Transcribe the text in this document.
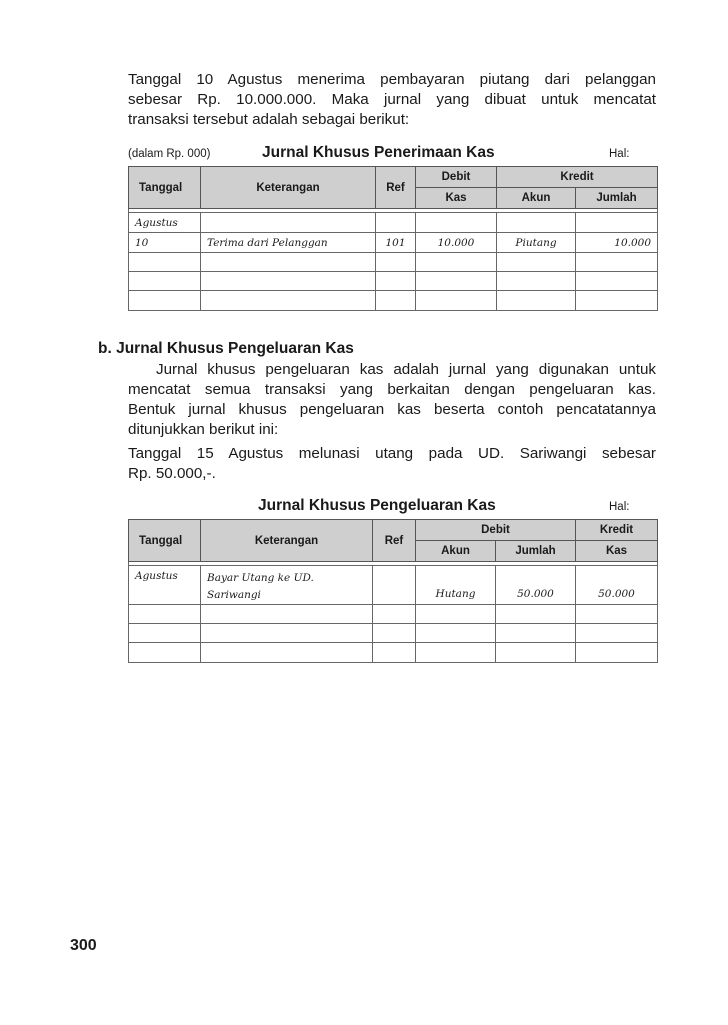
Tanggal 10 Agustus menerima pembayaran piutang dari pelanggan
sebesar Rp. 10.000.000. Maka jurnal yang dibuat untuk mencatat
transaksi tersebut adalah sebagai berikut:
(dalam Rp. 000)	Jurnal Khusus Penerimaan Kas	Hal:
Tanggal	Keterangan	Ref	Debit	Kredit	
			Kas	Akun	Jumlah

Agustus					
10	Terima dari Pelanggan	101	10.000	Piutang	10.000

b. Jurnal Khusus Pengeluaran Kas
Jurnal khusus pengeluaran kas adalah jurnal yang digunakan untuk
mencatat semua transaksi yang berkaitan dengan pengeluaran kas.
Bentuk jurnal khusus pengeluaran kas beserta contoh pencatatannya
ditunjukkan berikut ini:
Tanggal 15 Agustus melunasi utang pada UD. Sariwangi sebesar
Rp. 50.000,-.
Jurnal Khusus Pengeluaran Kas	Hal:
Tanggal	Keterangan	Ref	Debit		Kredit
			Akun	Jumlah	Kas

Agustus	Bayar Utang ke UD.
Sariwangi		Hutang	50.000	50.000

300
